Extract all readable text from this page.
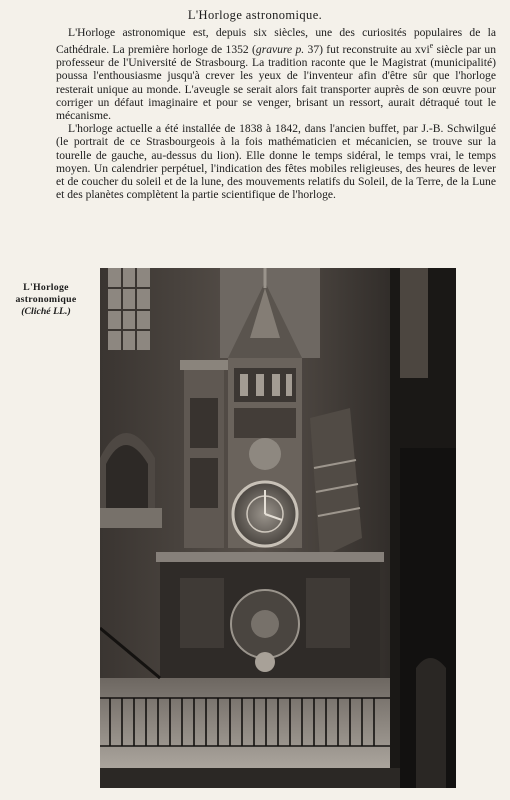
L'Horloge astronomique.

L'Horloge astronomique est, depuis six siècles, une des curiosités populaires de la Cathédrale. La première horloge de 1352 (gravure p. 37) fut reconstruite au xvi$^e$ siècle par un professeur de l'Université de Strasbourg. La tradition raconte que le Magistrat (municipalité) poussa l'enthousiasme jusqu'à crever les yeux de l'inventeur afin d'être sûr que l'horloge resterait unique au monde. L'aveugle se serait alors fait transporter auprès de son œuvre pour corriger un défaut imaginaire et pour se venger, brisant un ressort, aurait détraqué tout le mécanisme.

L'horloge actuelle a été installée de 1838 à 1842, dans l'ancien buffet, par J.-B. Schwilgué (le portrait de ce Strasbourgeois à la fois mathématicien et mécanicien, se trouve sur la tourelle de gauche, au-dessus du lion). Elle donne le temps sidéral, le temps vrai, le temps moyen. Un calendrier perpétuel, l'indication des fêtes mobiles religieuses, des heures de lever et de coucher du soleil et de la lune, des mouvements relatifs du Soleil, de la Terre, de la Lune et des planètes complètent la partie scientifique de l'horloge.

L'Horloge
astronomique
(Cliché LL.)
